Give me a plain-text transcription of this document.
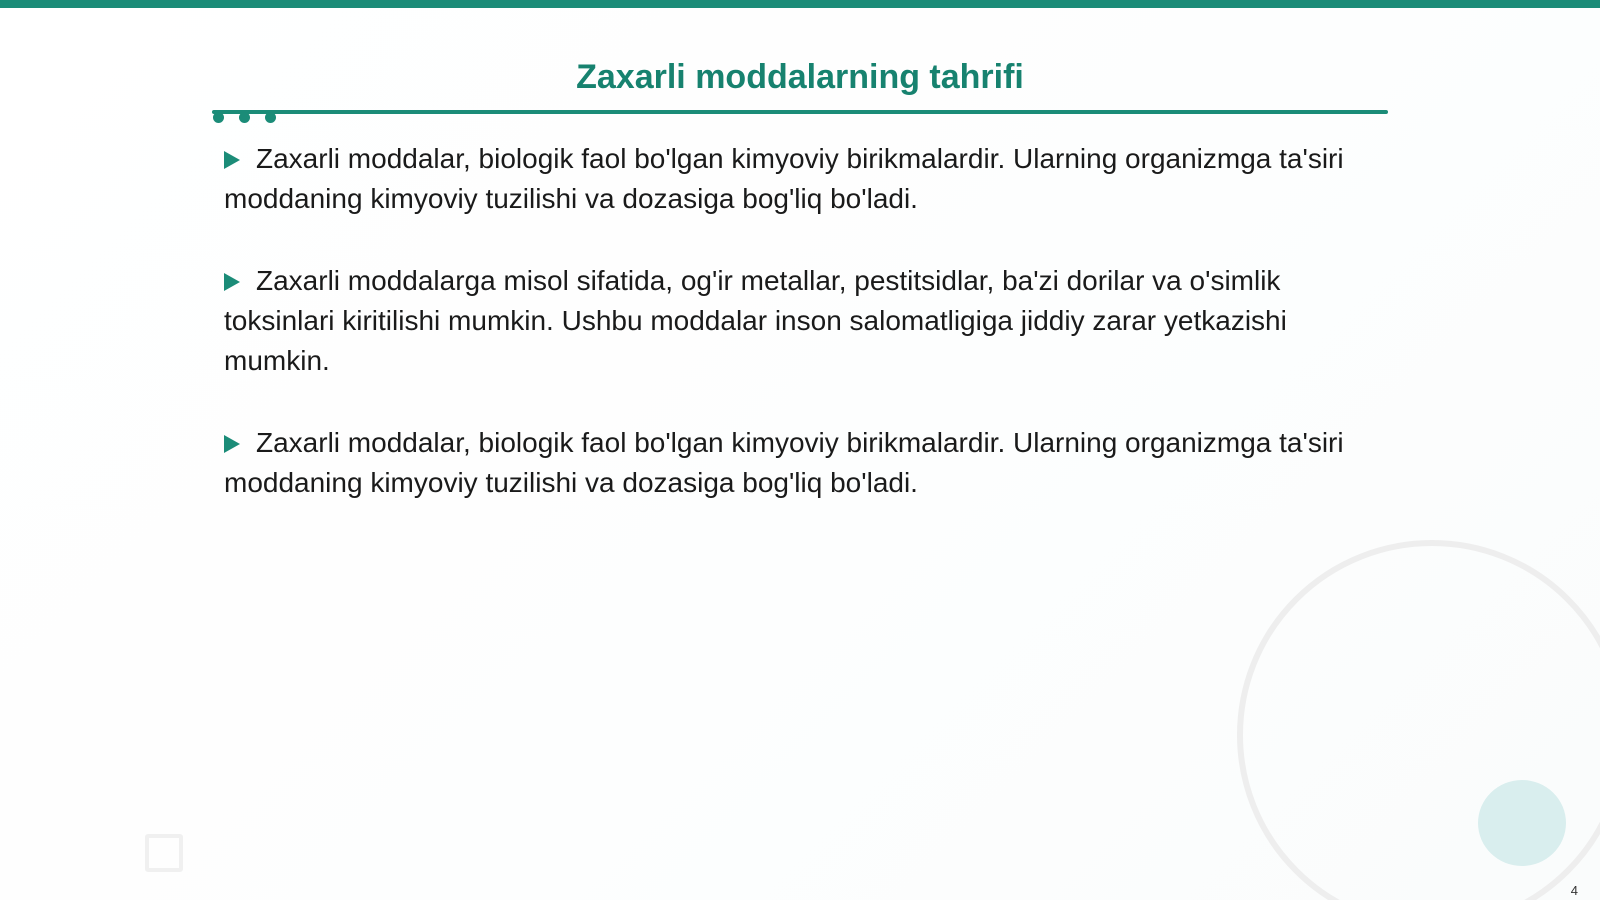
Zaxarli moddalarning tahrifi
Zaxarli moddalar, biologik faol bo'lgan kimyoviy birikmalardir. Ularning organizmga ta'siri moddaning kimyoviy tuzilishi va dozasiga bog'liq bo'ladi.
Zaxarli moddalarga misol sifatida, og'ir metallar, pestitsidlar, ba'zi dorilar va o'simlik toksinlari kiritilishi mumkin. Ushbu moddalar inson salomatligiga jiddiy zarar yetkazishi mumkin.
Zaxarli moddalar, biologik faol bo'lgan kimyoviy birikmalardir. Ularning organizmga ta'siri moddaning kimyoviy tuzilishi va dozasiga bog'liq bo'ladi.
4
